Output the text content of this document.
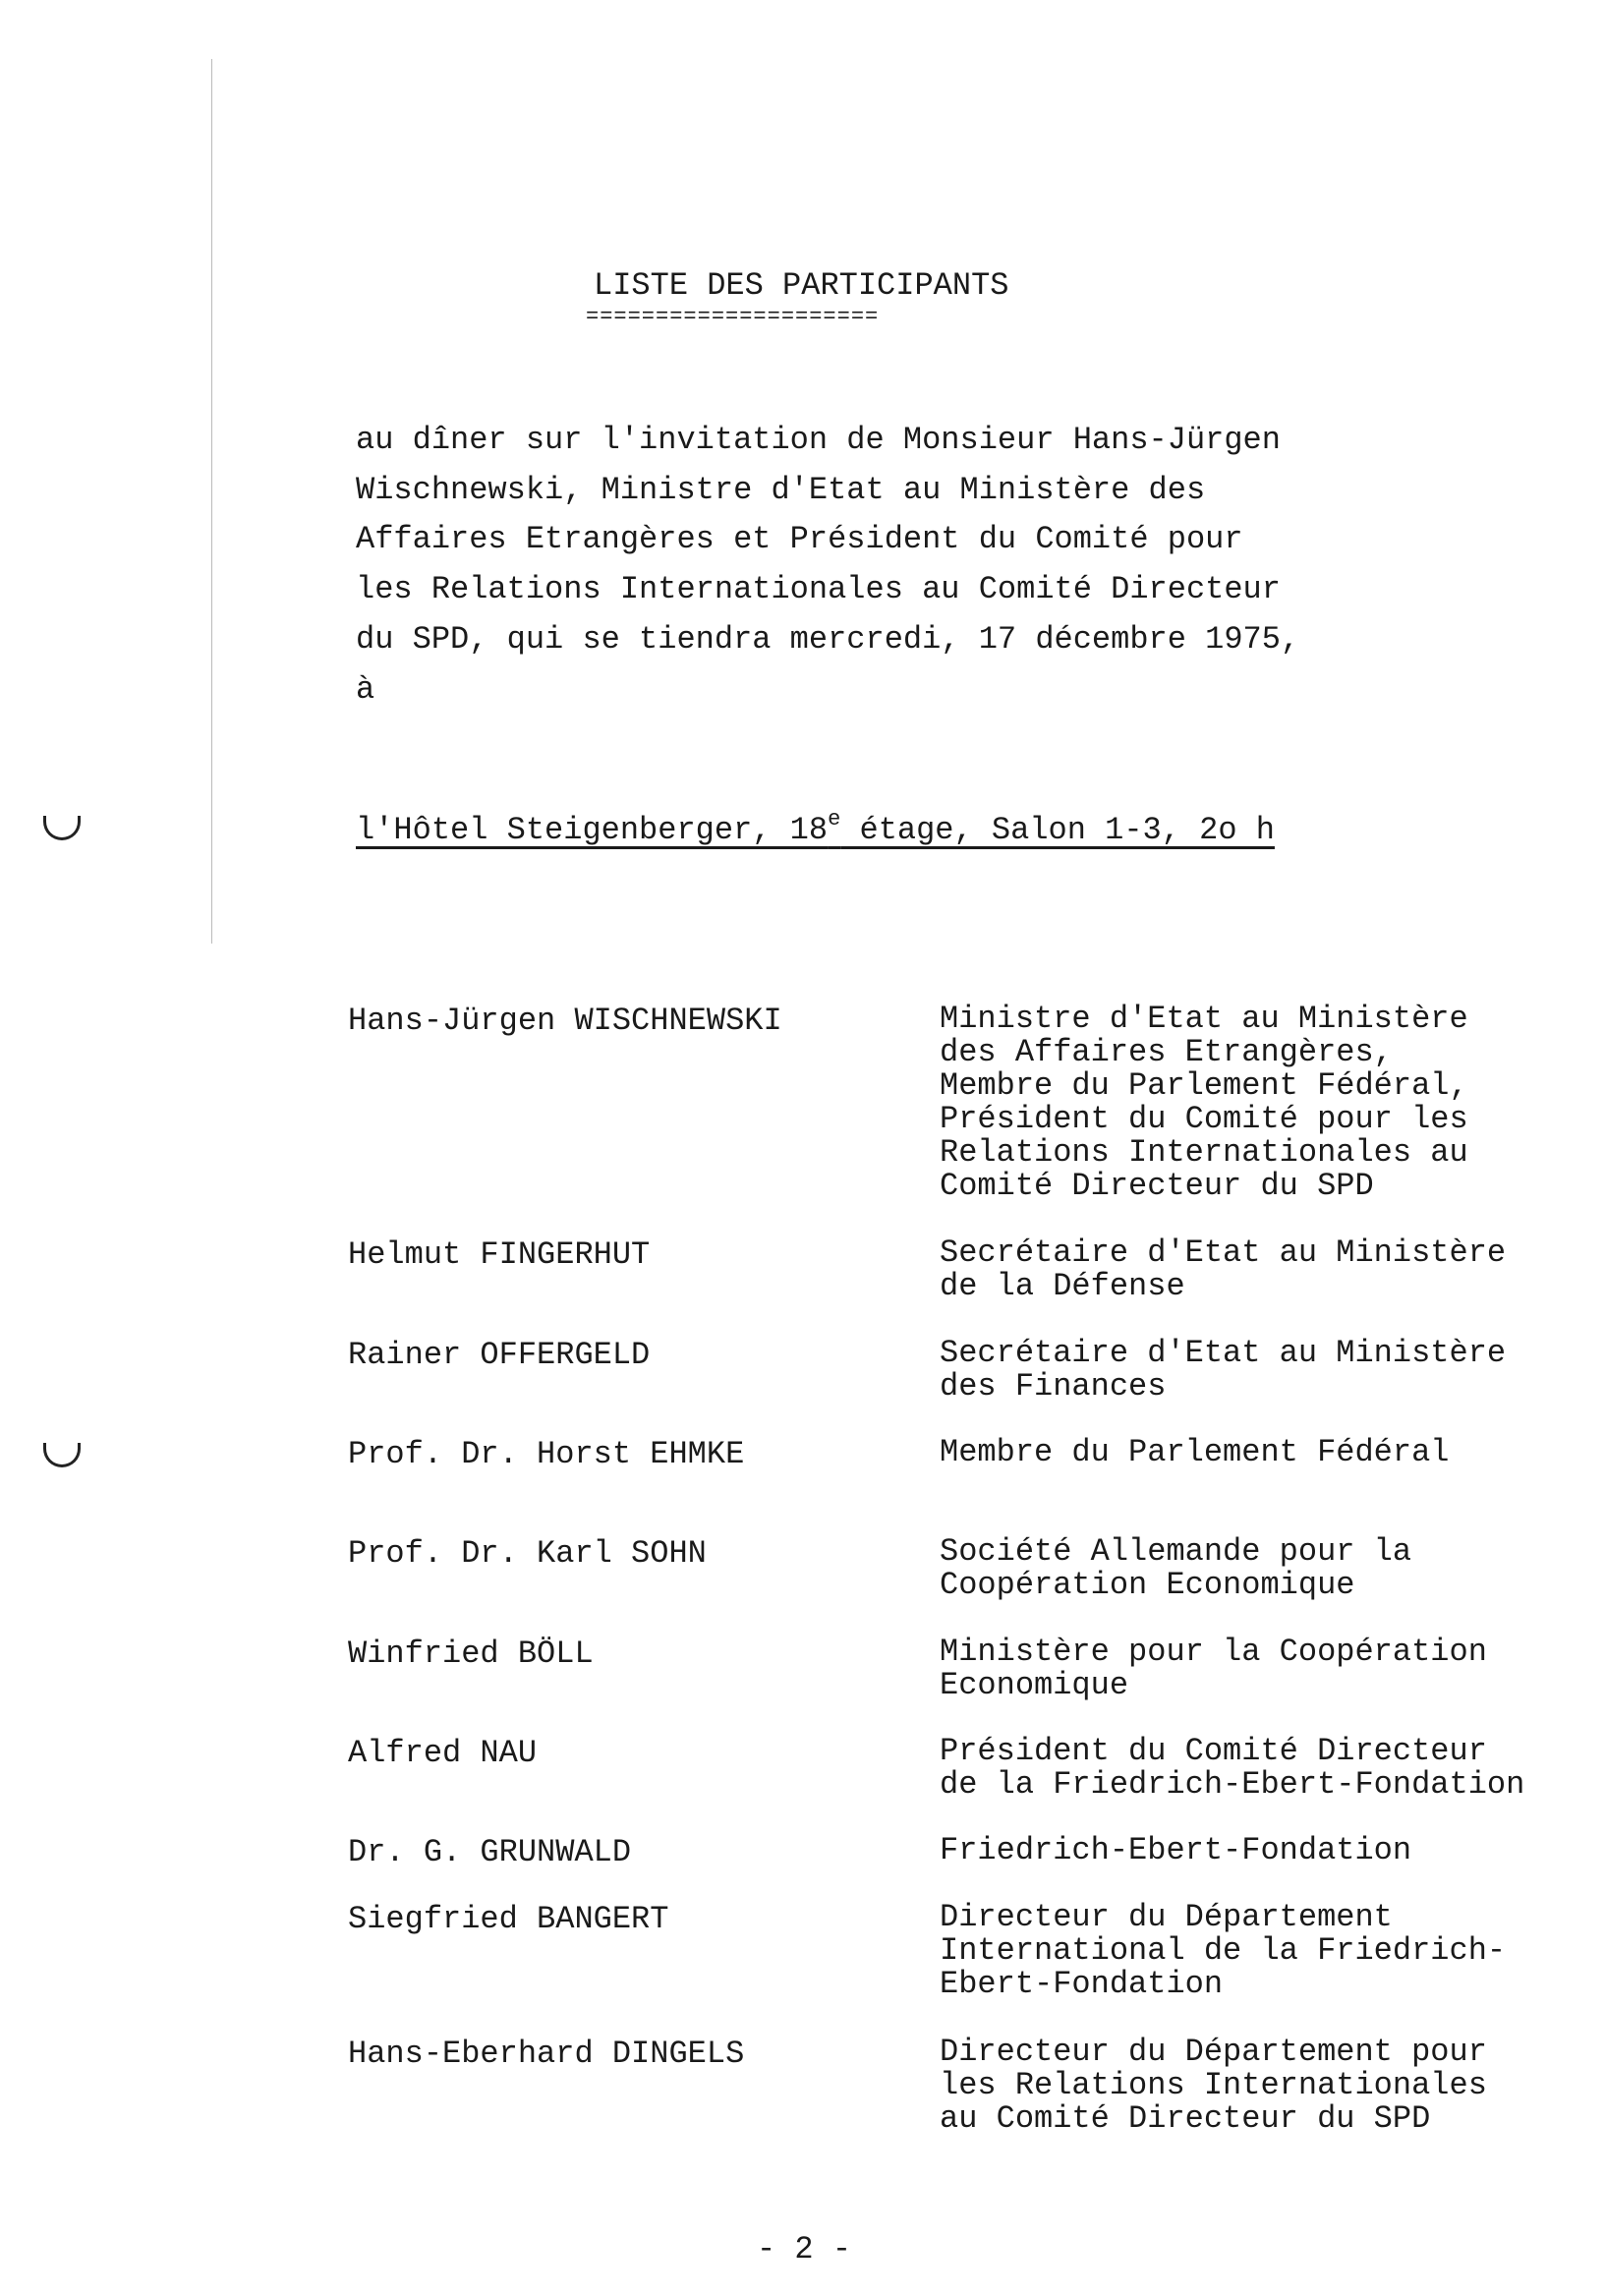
LISTE DES PARTICIPANTS
=====================
au dîner sur l'invitation de Monsieur Hans-Jürgen
Wischnewski, Ministre d'Etat au Ministère des
Affaires Etrangères et Président du Comité pour
les Relations Internationales au Comité Directeur
du SPD, qui se tiendra mercredi, 17 décembre 1975,
à
l'Hôtel Steigenberger, 18e étage, Salon 1-3, 2o h
Hans-Jürgen WISCHNEWSKI	Ministre d'Etat au Ministère
des Affaires Etrangères,
Membre du Parlement Fédéral,
Président du Comité pour les
Relations Internationales au
Comité Directeur du SPD
Helmut FINGERHUT	Secrétaire d'Etat au Ministère
de la Défense
Rainer OFFERGELD	Secrétaire d'Etat au Ministère
des Finances
Prof. Dr. Horst EHMKE	Membre du Parlement Fédéral
Prof. Dr. Karl SOHN	Société Allemande pour la
Coopération Economique
Winfried BÖLL	Ministère pour la Coopération
Economique
Alfred NAU	Président du Comité Directeur
de la Friedrich-Ebert-Fondation
Dr. G. GRUNWALD	Friedrich-Ebert-Fondation
Siegfried BANGERT	Directeur du Département
International de la Friedrich-
Ebert-Fondation
Hans-Eberhard DINGELS	Directeur du Département pour
les Relations Internationales
au Comité Directeur du SPD
- 2 -
